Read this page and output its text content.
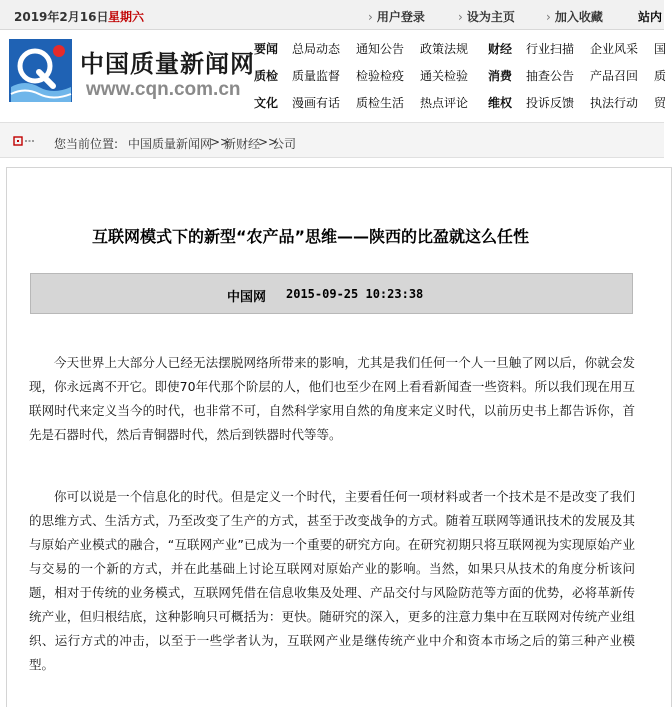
2019年2月16日 星期六	› 用户登录	› 设为主页	› 加入收藏	站内
中国质量新闻网
www.cqn.com.cn
要闻 总局动态 通知公告 政策法规 财经 行业扫描 企业风采 国
质检 质量监督 检验检疫 通关检验 消费 抽查公告 产品召回 质
文化 漫画有话 质检生活 热点评论 维权 投诉反馈 执法行动 贸
您当前位置: 中国质量新闻网
>>
新财经
>>
公司
互联网模式下的新型“农产品”思维——陕西的比盈就这么任性
中国网 2015-09-25 10:23:38

今天世界上大部分人已经无法摆脱网络所带来的影响，尤其是我们任何一个人一旦触了网以后，你就会发现，你永远离不开它。即使70年代那个阶层的人，他们也至少在网上看看新闻查一些资料。所以我们现在用互联网时代来定义当今的时代，也非常不可，自然科学家用自然的角度来定义时代，以前历史书上都告诉你，首先是石器时代，然后青铜器时代，然后到铁器时代等等。

你可以说是一个信息化的时代。但是定义一个时代，主要看任何一项材料或者一个技术是不是改变了我们的思维方式、生活方式，乃至改变了生产的方式，甚至于改变战争的方式。随着互联网等通讯技术的发展及其与原始产业模式的融合，“互联网产业”已成为一个重要的研究方向。在研究初期只将互联网视为实现原始产业与交易的一个新的方式，并在此基础上讨论互联网对原始产业的影响。当然，如果只从技术的角度分析该问题，相对于传统的业务模式，互联网凭借在信息收集及处理、产品交付与风险防范等方面的优势，必将革新传统产业，但归根结底，这种影响只可概括为：更快。随研究的深入，更多的注意力集中在互联网对传统产业组织、运行方式的冲击，以至于一些学者认为，互联网产业是继传统产业中介和资本市场之后的第三种产业模型。
